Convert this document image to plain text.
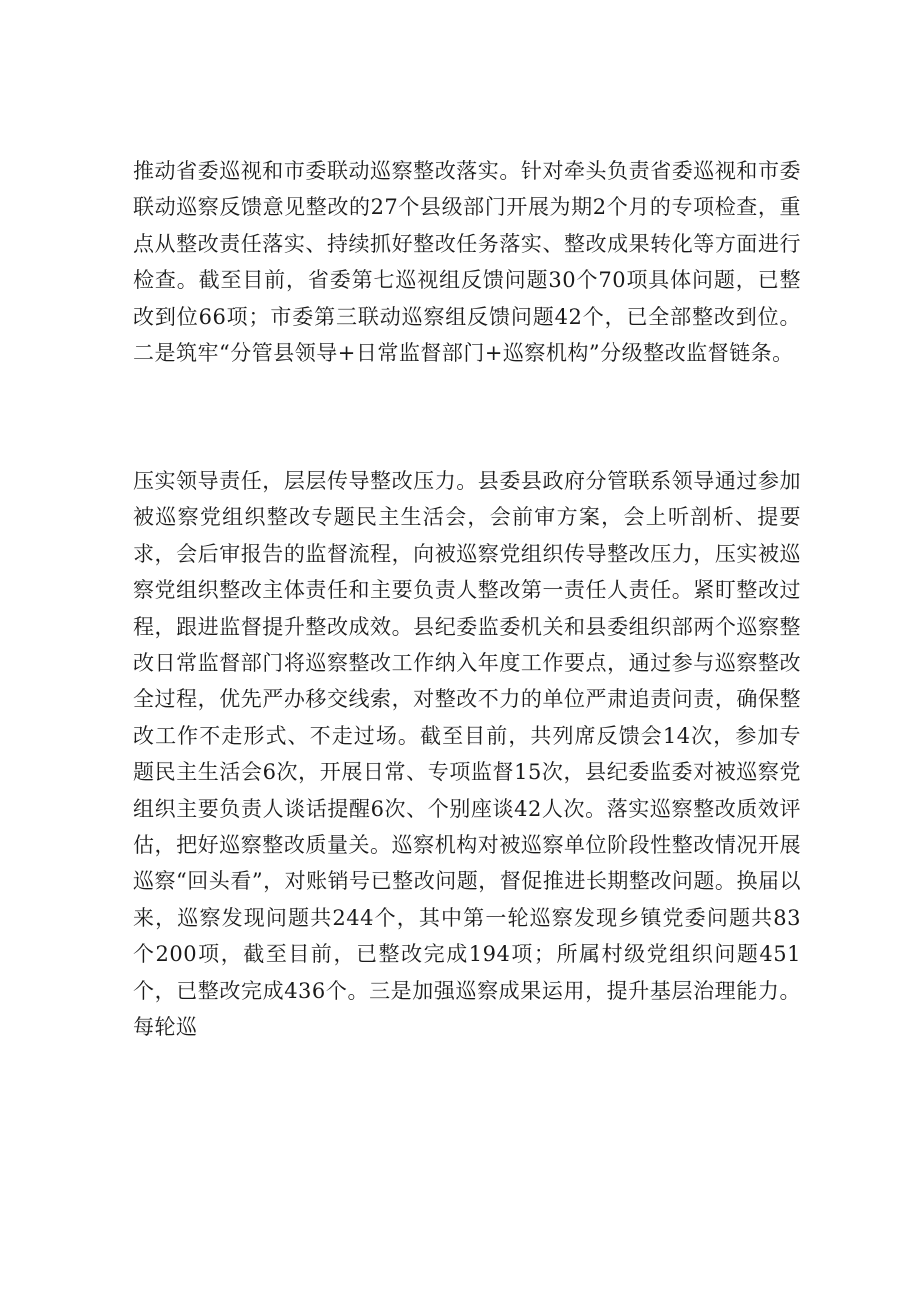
推动省委巡视和市委联动巡察整改落实。针对牵头负责省委巡视和市委联动巡察反馈意见整改的27个县级部门开展为期2个月的专项检查，重点从整改责任落实、持续抓好整改任务落实、整改成果转化等方面进行检查。截至目前，省委第七巡视组反馈问题30个70项具体问题，已整改到位66项；市委第三联动巡察组反馈问题42个，已全部整改到位。二是筑牢“分管县领导+日常监督部门+巡察机构”分级整改监督链条。

压实领导责任，层层传导整改压力。县委县政府分管联系领导通过参加被巡察党组织整改专题民主生活会，会前审方案，会上听剖析、提要求，会后审报告的监督流程，向被巡察党组织传导整改压力，压实被巡察党组织整改主体责任和主要负责人整改第一责任人责任。紧盯整改过程，跟进监督提升整改成效。县纪委监委机关和县委组织部两个巡察整改日常监督部门将巡察整改工作纳入年度工作要点，通过参与巡察整改全过程，优先严办移交线索，对整改不力的单位严肃追责问责，确保整改工作不走形式、不走过场。截至目前，共列席反馈会14次，参加专题民主生活会6次，开展日常、专项监督15次，县纪委监委对被巡察党组织主要负责人谈话提醒6次、个别座谈42人次。落实巡察整改质效评估，把好巡察整改质量关。巡察机构对被巡察单位阶段性整改情况开展巡察“回头看”，对账销号已整改问题，督促推进长期整改问题。换届以来，巡察发现问题共244个，其中第一轮巡察发现乡镇党委问题共83个200项，截至目前，已整改完成194项；所属村级党组织问题451个，已整改完成436个。三是加强巡察成果运用，提升基层治理能力。每轮巡
